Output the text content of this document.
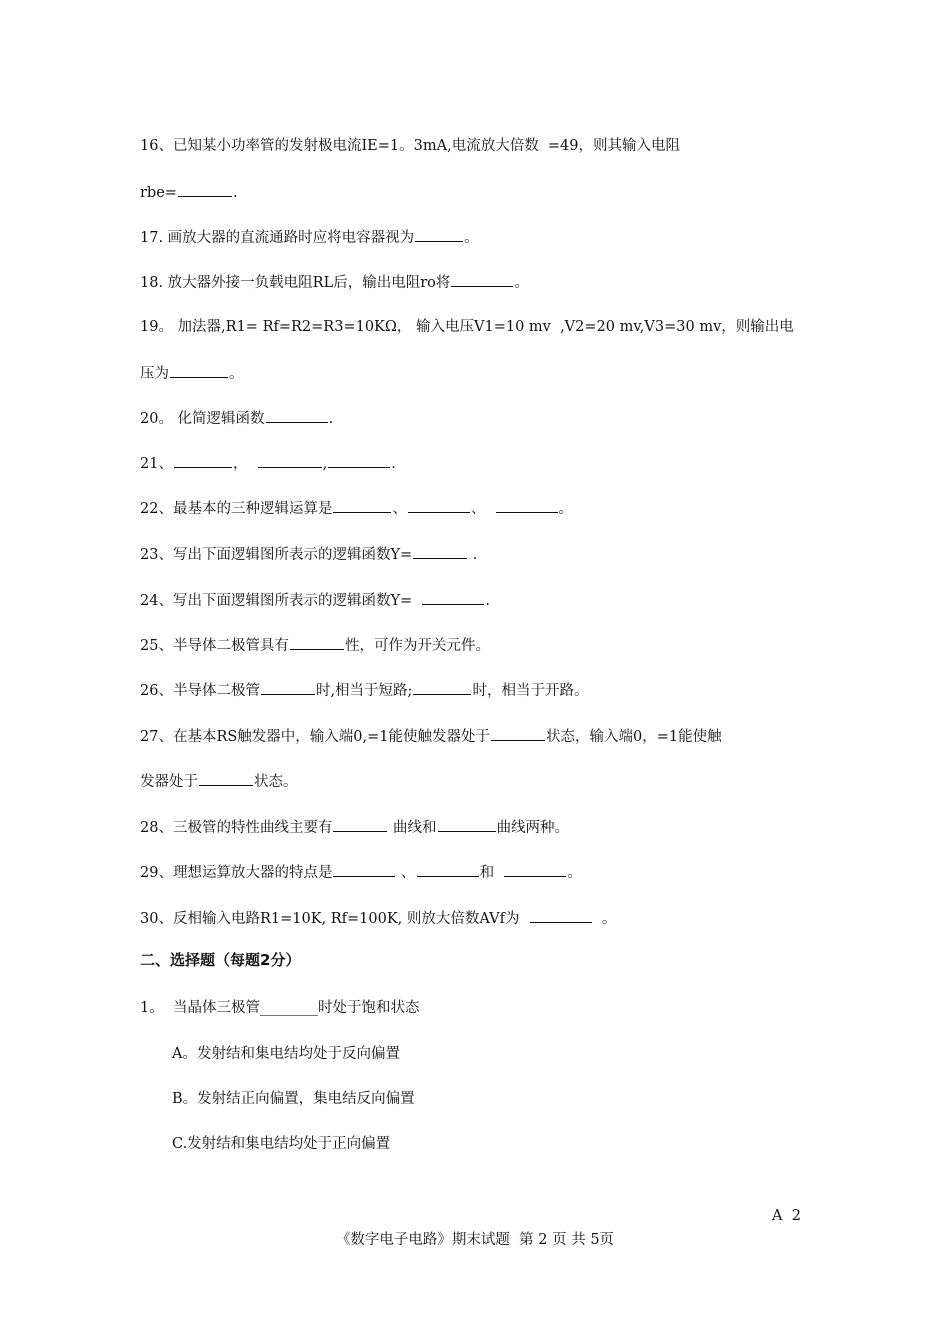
16、已知某小功率管的发射极电流IE=1。3mA,电流放大倍数  =49，则其输入电阻
rbe=	.
17. 画放大器的直流通路时应将电容器视为	。
18. 放大器外接一负载电阻RL后，输出电阻ro将	。
19。 加法器,R1= Rf=R2=R3=10KΩ， 输入电压V1=10 mv  ,V2=20 mv,V3=30 mv，则输出电
压为	。
20。 化简逻辑函数	.
21、	，	,	.
22、最基本的三种逻辑运算是	、	、	。
23、写出下面逻辑图所表示的逻辑函数Y=	.
24、写出下面逻辑图所表示的逻辑函数Y=	.
25、半导体二极管具有	性，可作为开关元件。
26、半导体二极管	时,相当于短路;	时，相当于开路。
27、在基本RS触发器中，输入端0,=1能使触发器处于	状态，输入端0，=1能使触
发器处于	状态。
28、三极管的特性曲线主要有	曲线和	曲线两种。
29、理想运算放大器的特点是	、	和	。
30、反相输入电路R1=10K, Rf=100K, 则放大倍数AVf为	。
二、选择题（每题2分）
1。  当晶体三极管________时处于饱和状态
A。发射结和集电结均处于反向偏置
B。发射结正向偏置，集电结反向偏置
C.发射结和集电结均处于正向偏置
A  2
《数字电子电路》期末试题  第 2 页 共 5页
